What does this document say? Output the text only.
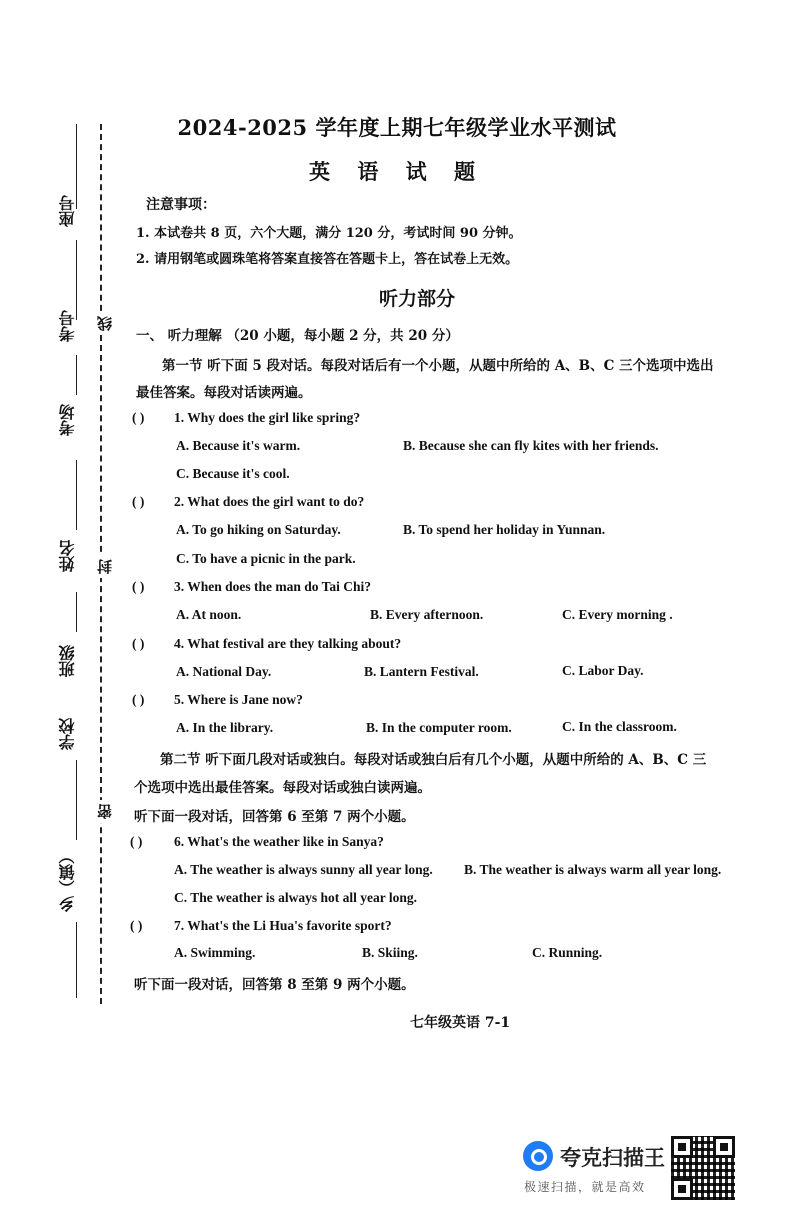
座号
考号
考场
姓名
班级
学校
乡（镇）
线
封
密
2024-2025 学年度上期七年级学业水平测试
英 语 试 题
注意事项：
1. 本试卷共 8 页，六个大题，满分 120 分，考试时间 90 分钟。
2. 请用钢笔或圆珠笔将答案直接答在答题卡上，答在试卷上无效。
听力部分
一、 听力理解 （20 小题，每小题 2 分，共 20 分）
第一节 听下面 5 段对话。每段对话后有一个小题，从题中所给的 A、B、C 三个选项中选出
最佳答案。每段对话读两遍。
( ) 1. Why does the girl like spring?
A. Because it's warm.	B. Because she can fly kites with her friends.
C. Because it's cool.
( ) 2. What does the girl want to do?
A. To go hiking on Saturday.	B. To spend her holiday in Yunnan.
C. To have a picnic in the park.
( ) 3. When does the man do Tai Chi?
A. At noon.	B. Every afternoon.	C. Every morning .
( ) 4. What festival are they talking about?
A. National Day.	B. Lantern Festival.	C. Labor Day.
( ) 5. Where is Jane now?
A. In the library.	B. In the computer room.	C. In the classroom.
第二节 听下面几段对话或独白。每段对话或独白后有几个小题，从题中所给的 A、B、C 三
个选项中选出最佳答案。每段对话或独白读两遍。
听下面一段对话，回答第 6 至第 7 两个小题。
( ) 6. What's the weather like in Sanya?
A. The weather is always sunny all year long. B. The weather is always warm all year long.
C. The weather is always hot all year long.
( ) 7. What's the Li Hua's favorite sport?
A. Swimming.	B. Skiing.	C. Running.
听下面一段对话，回答第 8 至第 9 两个小题。
七年级英语 7-1
夸克扫描王
极速扫描，就是高效
